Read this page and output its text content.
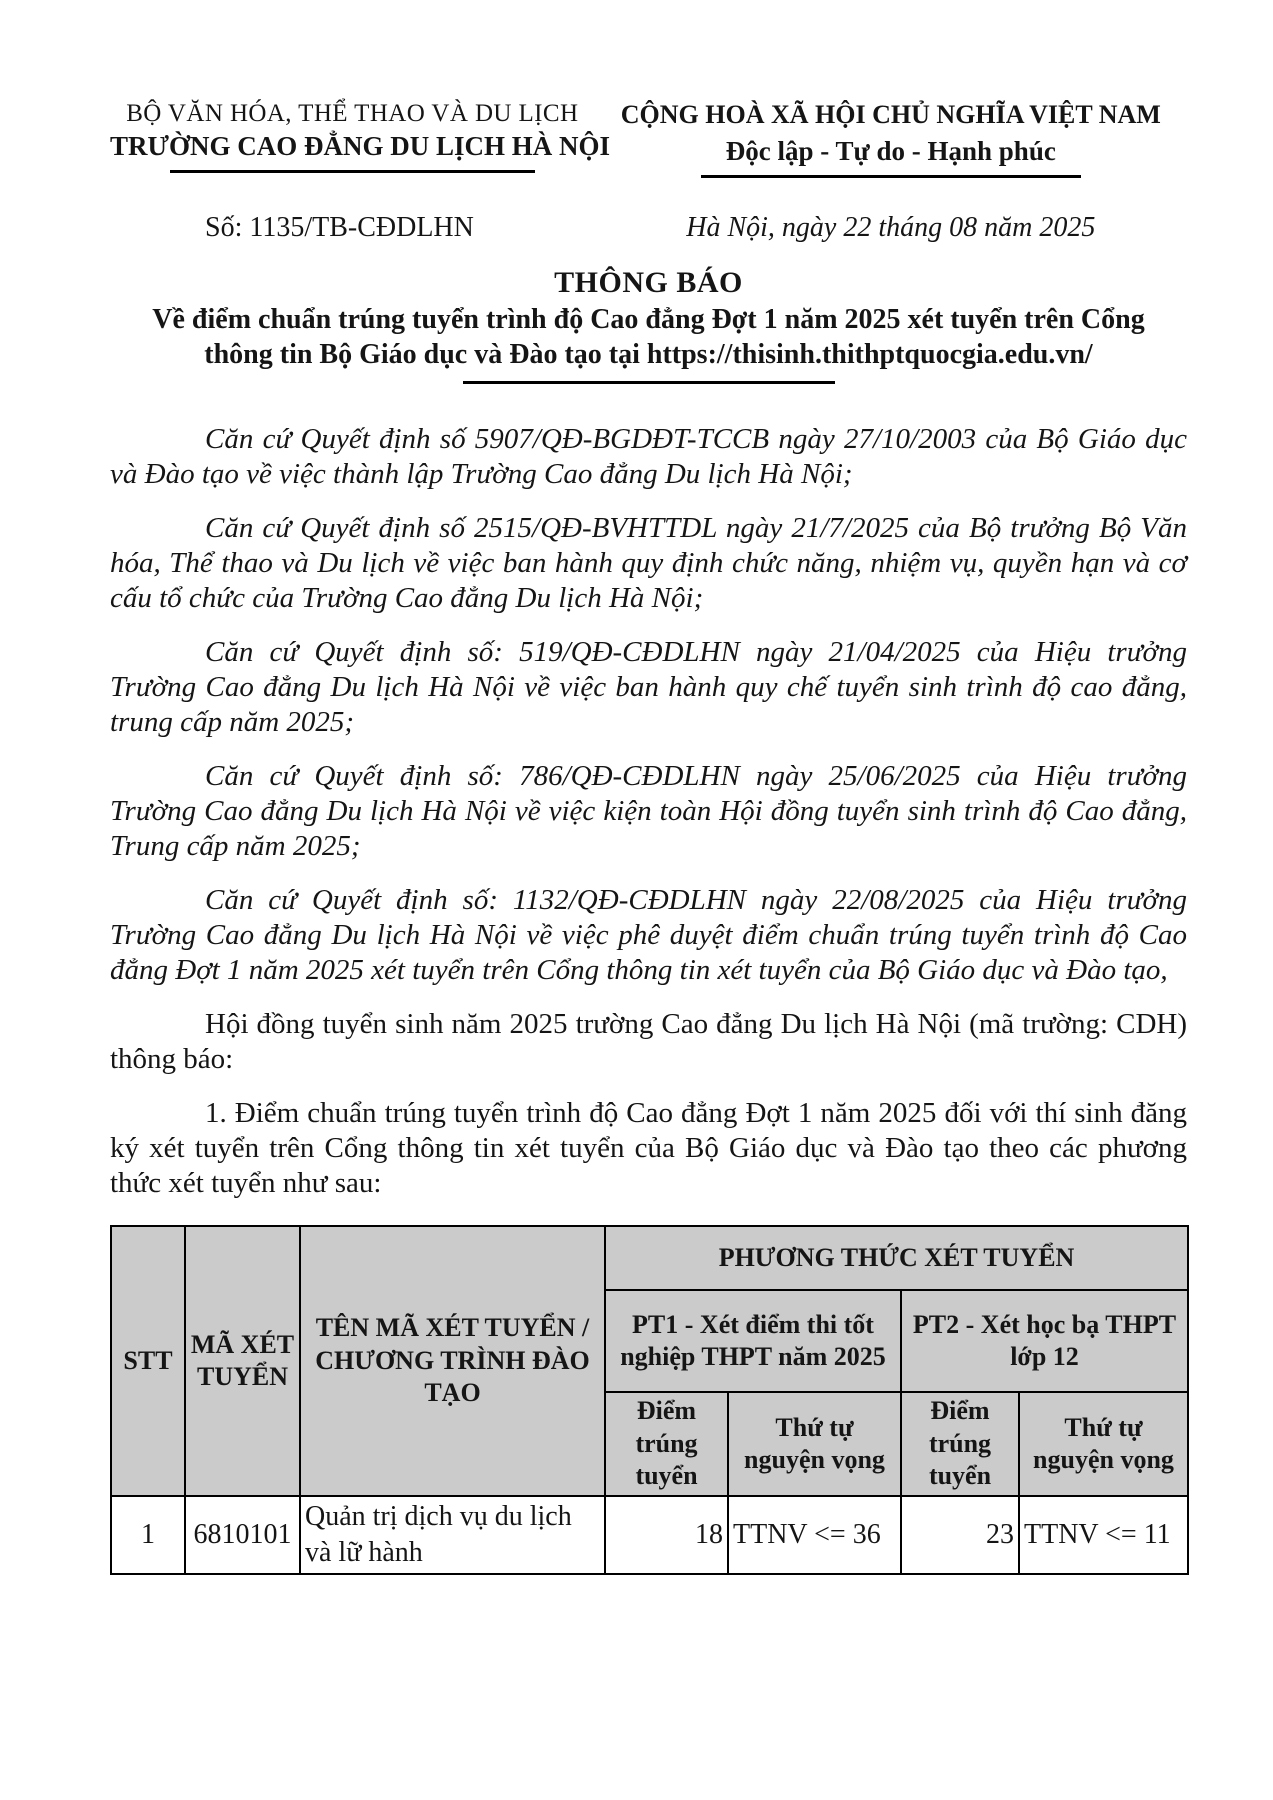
BỘ VĂN HÓA, THỂ THAO VÀ DU LỊCH
TRƯỜNG CAO ĐẲNG DU LỊCH HÀ NỘI
CỘNG HOÀ XÃ HỘI CHỦ NGHĨA VIỆT NAM
Độc lập - Tự do - Hạnh phúc
Số: 1135/TB-CĐDLHN	Hà Nội, ngày 22 tháng 08 năm 2025
THÔNG BÁO
Về điểm chuẩn trúng tuyển trình độ Cao đẳng Đợt 1 năm 2025 xét tuyển trên Cổng
thông tin Bộ Giáo dục và Đào tạo tại https://thisinh.thithptquocgia.edu.vn/

Căn cứ Quyết định số 5907/QĐ-BGDĐT-TCCB ngày 27/10/2003 của Bộ Giáo dục và Đào tạo về việc thành lập Trường Cao đẳng Du lịch Hà Nội;

Căn cứ Quyết định số 2515/QĐ-BVHTTDL ngày 21/7/2025 của Bộ trưởng Bộ Văn hóa, Thể thao và Du lịch về việc ban hành quy định chức năng, nhiệm vụ, quyền hạn và cơ cấu tổ chức của Trường Cao đẳng Du lịch Hà Nội;

Căn cứ Quyết định số: 519/QĐ-CĐDLHN ngày 21/04/2025 của Hiệu trưởng Trường Cao đẳng Du lịch Hà Nội về việc ban hành quy chế tuyển sinh trình độ cao đẳng, trung cấp năm 2025;

Căn cứ Quyết định số: 786/QĐ-CĐDLHN ngày 25/06/2025 của Hiệu trưởng Trường Cao đẳng Du lịch Hà Nội về việc kiện toàn Hội đồng tuyển sinh trình độ Cao đẳng, Trung cấp năm 2025;

Căn cứ Quyết định số: 1132/QĐ-CĐDLHN ngày 22/08/2025 của Hiệu trưởng Trường Cao đẳng Du lịch Hà Nội về việc phê duyệt điểm chuẩn trúng tuyển trình độ Cao đẳng Đợt 1 năm 2025 xét tuyển trên Cổng thông tin xét tuyển của Bộ Giáo dục và Đào tạo,

Hội đồng tuyển sinh năm 2025 trường Cao đẳng Du lịch Hà Nội (mã trường: CDH) thông báo:

1. Điểm chuẩn trúng tuyển trình độ Cao đẳng Đợt 1 năm 2025 đối với thí sinh đăng ký xét tuyển trên Cổng thông tin xét tuyển của Bộ Giáo dục và Đào tạo theo các phương thức xét tuyển như sau:

STT	MÃ XÉT TUYỂN	TÊN MÃ XÉT TUYỂN / CHƯƠNG TRÌNH ĐÀO TẠO	PHƯƠNG THỨC XÉT TUYỂN			
			PT1 - Xét điểm thi tốt nghiệp THPT năm 2025		PT2 - Xét học bạ THPT lớp 12	
			Điểm trúng tuyển	Thứ tự nguyện vọng	Điểm trúng tuyển	Thứ tự nguyện vọng
1	6810101	Quản trị dịch vụ du lịch và lữ hành	18	TTNV <= 36	23	TTNV <= 11
